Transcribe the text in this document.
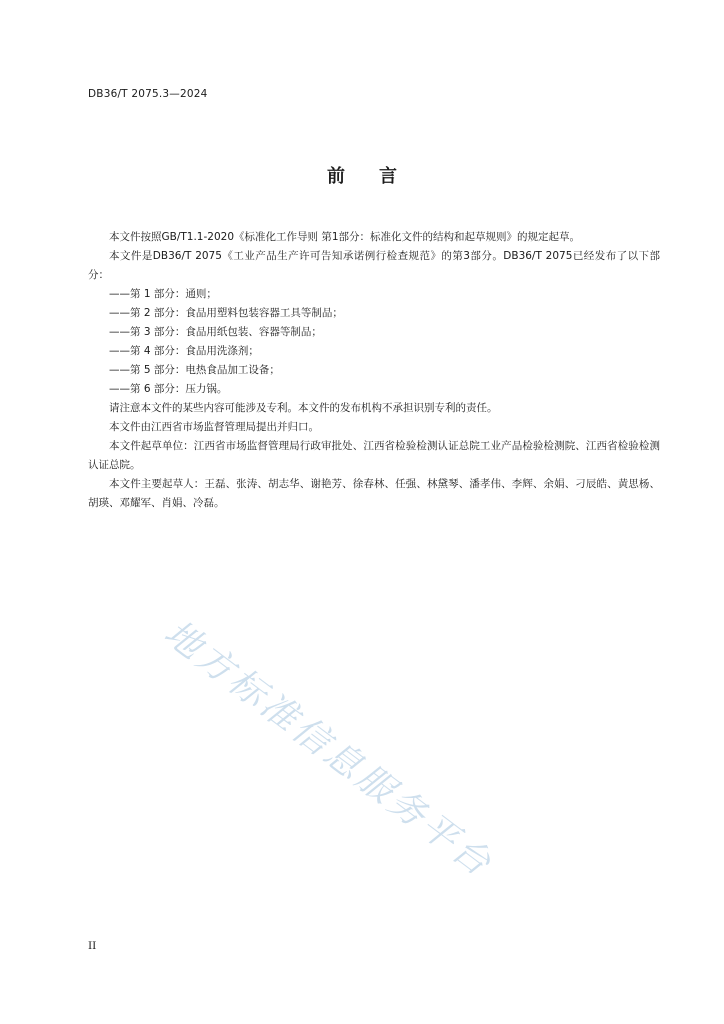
DB36/T 2075.3—2024
前 言

本文件按照GB/T1.1-2020《标准化工作导则 第1部分：标准化文件的结构和起草规则》的规定起草。

本文件是DB36/T 2075《工业产品生产许可告知承诺例行检查规范》的第3部分。DB36/T 2075已经发布了以下部分：

——第 1 部分：通则；
——第 2 部分：食品用塑料包装容器工具等制品；
——第 3 部分：食品用纸包装、容器等制品；
——第 4 部分：食品用洗涤剂；
——第 5 部分：电热食品加工设备；
——第 6 部分：压力锅。

请注意本文件的某些内容可能涉及专利。本文件的发布机构不承担识别专利的责任。

本文件由江西省市场监督管理局提出并归口。

本文件起草单位：江西省市场监督管理局行政审批处、江西省检验检测认证总院工业产品检验检测院、江西省检验检测认证总院。

本文件主要起草人：王磊、张涛、胡志华、谢艳芳、徐春林、任强、林黛琴、潘孝伟、李辉、余娟、刁辰皓、黄思杨、胡瑛、邓耀军、肖娟、冷磊。

地方标准信息服务平台
II
